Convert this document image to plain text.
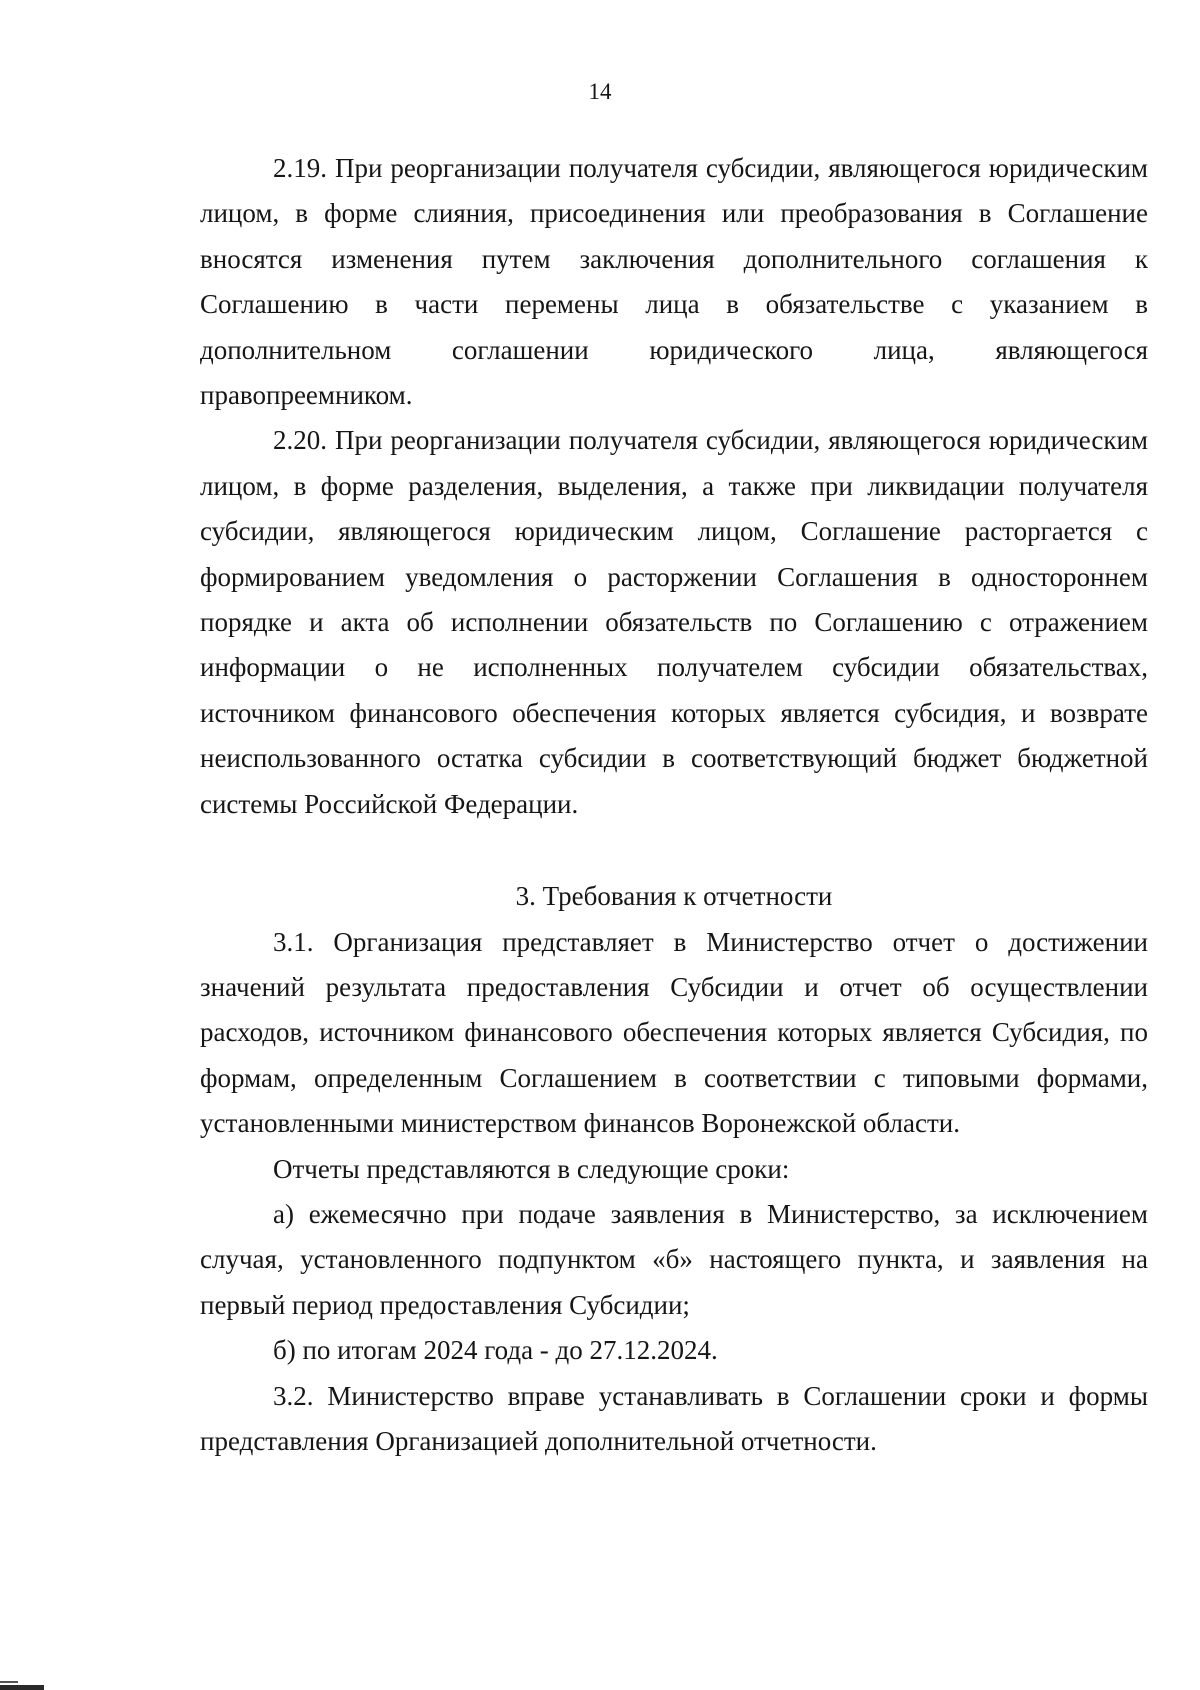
14

2.19. При реорганизации получателя субсидии, являющегося юридическим лицом, в форме слияния, присоединения или преобразования в Соглашение вносятся изменения путем заключения дополнительного соглашения к Соглашению в части перемены лица в обязательстве с указанием в дополнительном соглашении юридического лица, являющегося правопреемником.

2.20. При реорганизации получателя субсидии, являющегося юридическим лицом, в форме разделения, выделения, а также при ликвидации получателя субсидии, являющегося юридическим лицом, Соглашение расторгается с формированием уведомления о расторжении Соглашения в одностороннем порядке и акта об исполнении обязательств по Соглашению с отражением информации о не исполненных получателем субсидии обязательствах, источником финансового обеспечения которых является субсидия, и возврате неиспользованного остатка субсидии в соответствующий бюджет бюджетной системы Российской Федерации.

3. Требования к отчетности

3.1. Организация представляет в Министерство отчет о достижении значений результата предоставления Субсидии и отчет об осуществлении расходов, источником финансового обеспечения которых является Субсидия, по формам, определенным Соглашением в соответствии с типовыми формами, установленными министерством финансов Воронежской области.

Отчеты представляются в следующие сроки:

а) ежемесячно при подаче заявления в Министерство, за исключением случая, установленного подпунктом «б» настоящего пункта, и заявления на первый период предоставления Субсидии;

б) по итогам 2024 года - до 27.12.2024.

3.2. Министерство вправе устанавливать в Соглашении сроки и формы представления Организацией дополнительной отчетности.
